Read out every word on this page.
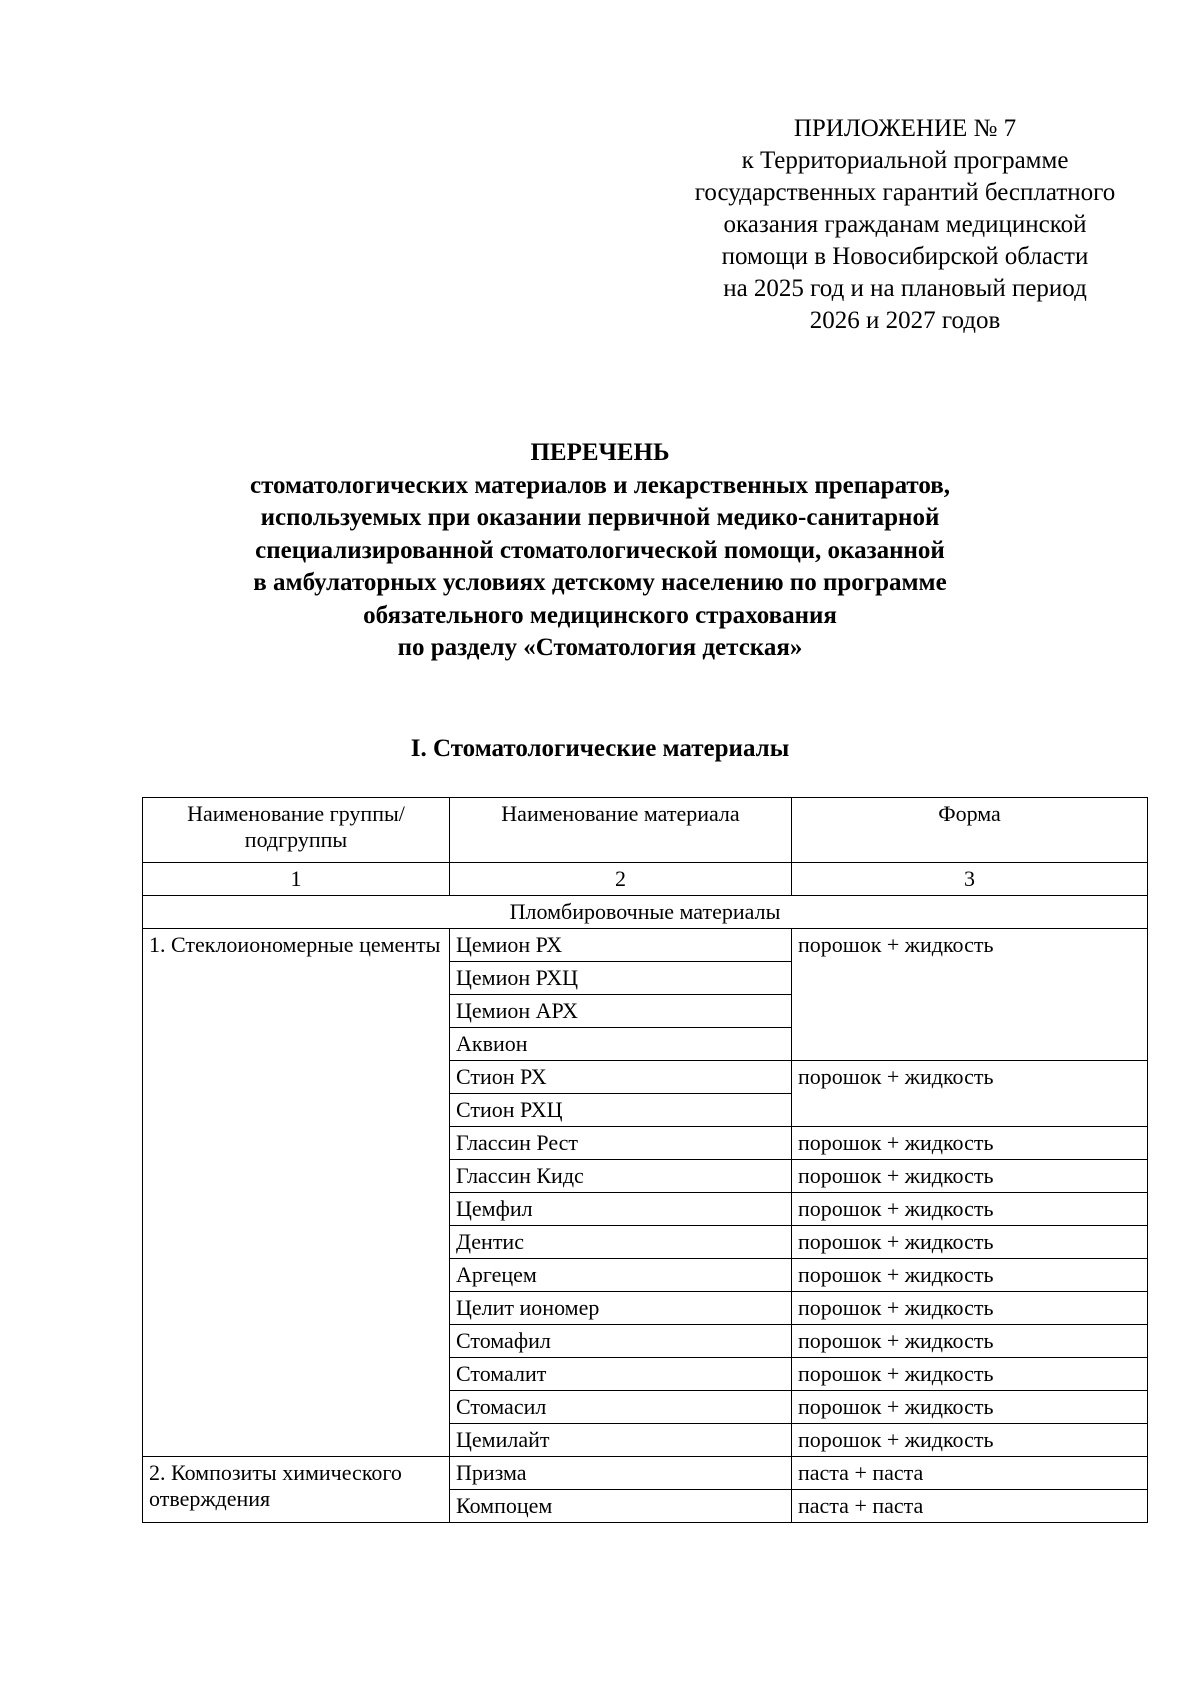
ПРИЛОЖЕНИЕ № 7
к Территориальной программе
государственных гарантий бесплатного
оказания гражданам медицинской
помощи в Новосибирской области
на 2025 год и на плановый период
2026 и 2027 годов
ПЕРЕЧЕНЬ
стоматологических материалов и лекарственных препаратов,
используемых при оказании первичной медико-санитарной
специализированной стоматологической помощи, оказанной
в амбулаторных условиях детскому населению по программе
обязательного медицинского страхования
по разделу «Стоматология детская»
I. Стоматологические материалы
Наименование группы/подгруппы	Наименование материала	Форма
1	2	3
Пломбировочные материалы		
1. Стеклоиономерные цементы	Цемион РХ	порошок + жидкость
	Цемион РХЦ	
	Цемион АРХ	
	Аквион	
	Стион РХ	порошок + жидкость
	Стион РХЦ	
	Глассин Рест	порошок + жидкость
	Глассин Кидс	порошок + жидкость
	Цемфил	порошок + жидкость
	Дентис	порошок + жидкость
	Аргецем	порошок + жидкость
	Целит иономер	порошок + жидкость
	Стомафил	порошок + жидкость
	Стомалит	порошок + жидкость
	Стомасил	порошок + жидкость
	Цемилайт	порошок + жидкость
2. Композиты химического отверждения	Призма	паста + паста
	Компоцем	паста + паста
